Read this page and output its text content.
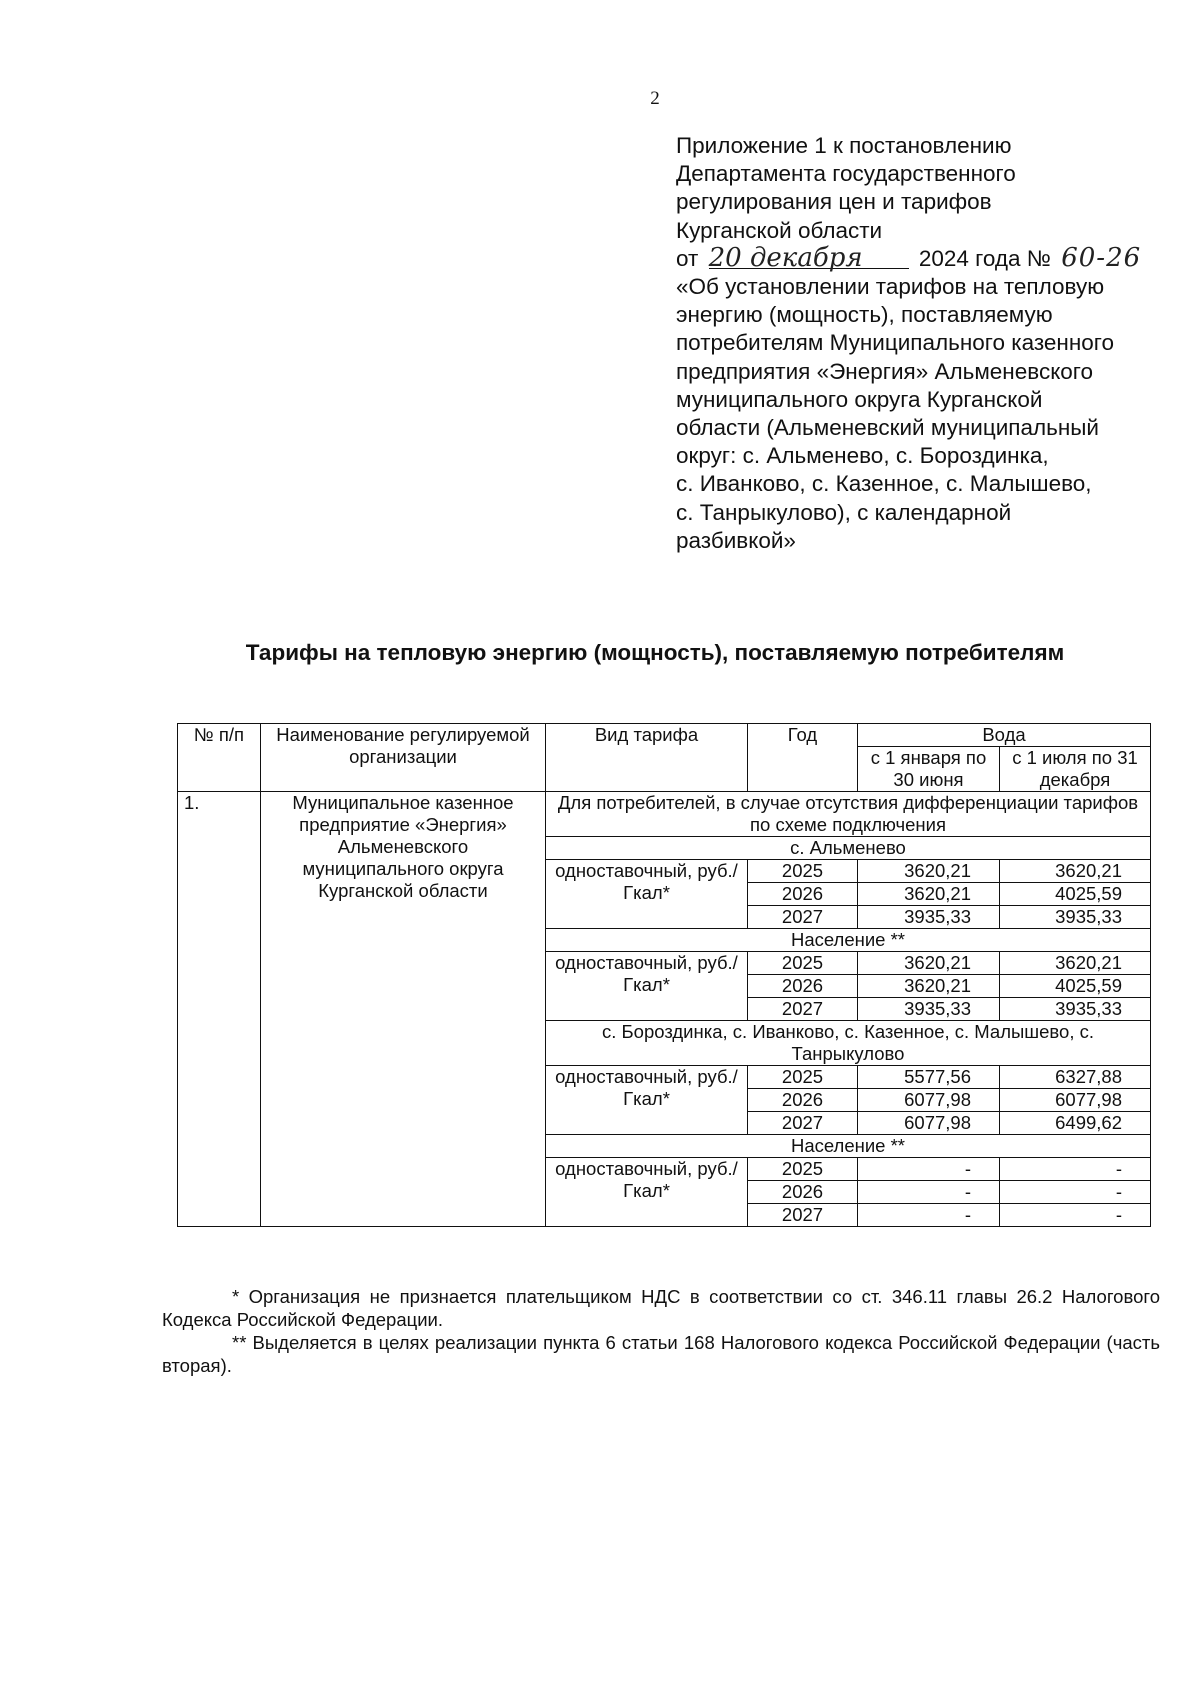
2
Приложение 1 к постановлению
Департамента государственного
регулирования цен и тарифов
Курганской области
от 20 декабря	2024 года № 60-26
«Об установлении тарифов на тепловую
энергию (мощность), поставляемую
потребителям Муниципального казенного
предприятия «Энергия» Альменевского
муниципального округа Курганской
области (Альменевский муниципальный
округ: с. Альменево, с. Бороздинка,
с. Иванково, с. Казенное, с. Малышево,
с. Танрыкулово), с календарной
разбивкой»
Тарифы на тепловую энергию (мощность), поставляемую потребителям
№ п/п	Наименование регулируемой организации	Вид тарифа	Год	Вода	
				с 1 января по 30 июня	с 1 июля по 31 декабря
1.	Муниципальное казенное предприятие «Энергия» Альменевского муниципального округа Курганской области	Для потребителей, в случае отсутствия дифференциации тарифов по схеме подключения			
		с. Альменево			
		одноставочный, руб./Гкал*	2025	3620,21	3620,21
			2026	3620,21	4025,59
			2027	3935,33	3935,33
		Население **			
		одноставочный, руб./Гкал*	2025	3620,21	3620,21
			2026	3620,21	4025,59
			2027	3935,33	3935,33
		с. Бороздинка, с. Иванково, с. Казенное, с. Малышево, с. Танрыкулово			
		одноставочный, руб./Гкал*	2025	5577,56	6327,88
			2026	6077,98	6077,98
			2027	6077,98	6499,62
		Население **			
		одноставочный, руб./Гкал*	2025	-	-
			2026	-	-
			2027	-	-

* Организация не признается плательщиком НДС в соответствии со ст. 346.11 главы 26.2 Налогового Кодекса Российской Федерации.

** Выделяется в целях реализации пункта 6 статьи 168 Налогового кодекса Российской Федерации (часть вторая).
